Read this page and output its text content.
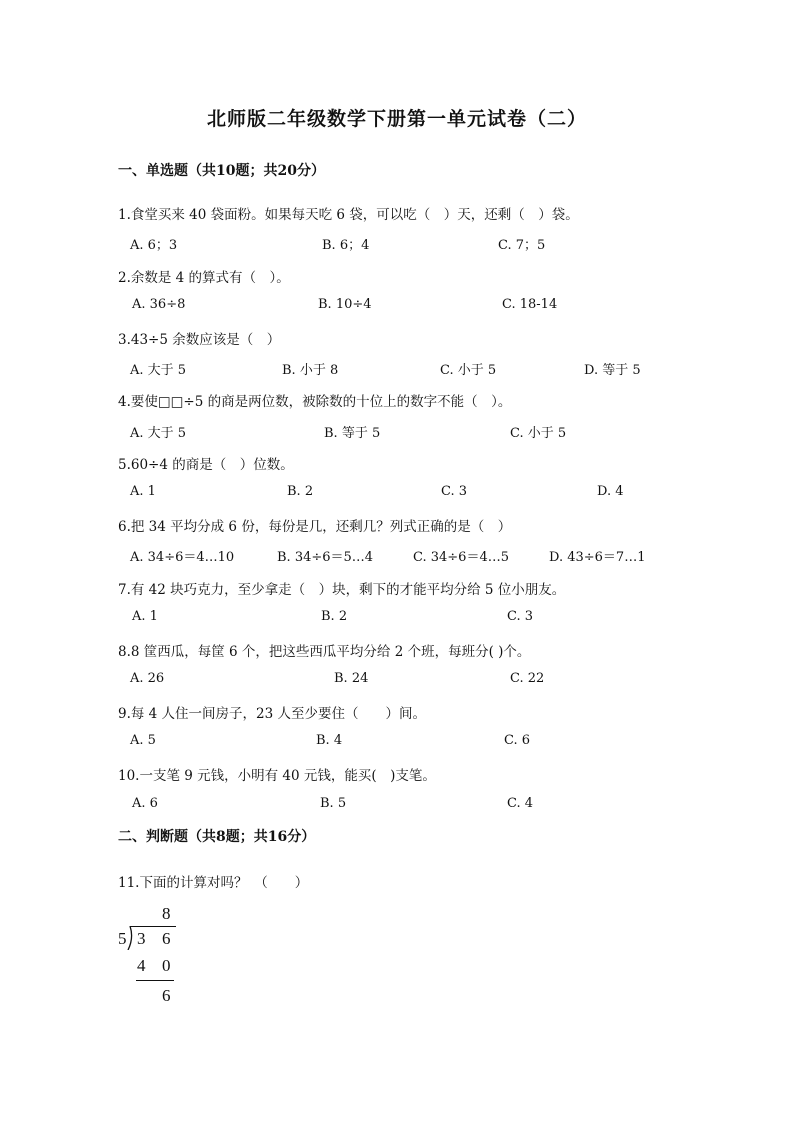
北师版二年级数学下册第一单元试卷（二）
一、单选题（共10题；共20分）
1.食堂买来 40 袋面粉。如果每天吃 6 袋，可以吃（　）天，还剩（　）袋。
A. 6；3	B. 6；4	C. 7；5
2.余数是 4 的算式有（　）。
A. 36÷8	B. 10÷4	C. 18-14
3.43÷5 余数应该是（　）
A. 大于 5	B. 小于 8	C. 小于 5	D. 等于 5
4.要使□□÷5 的商是两位数，被除数的十位上的数字不能（　）。
A. 大于 5	B. 等于 5	C. 小于 5
5.60÷4 的商是（　）位数。
A. 1	B. 2	C. 3	D. 4
6.把 34 平均分成 6 份，每份是几，还剩几？列式正确的是（　）
A. 34÷6＝4…10	B. 34÷6＝5…4	C. 34÷6＝4…5	D. 43÷6＝7…1
7.有 42 块巧克力，至少拿走（　）块，剩下的才能平均分给 5 位小朋友。
A. 1	B. 2	C. 3
8.8 筐西瓜，每筐 6 个，把这些西瓜平均分给 2 个班，每班分( )个。
A. 26	B. 24	C. 22
9.每 4 人住一间房子，23 人至少要住（　　）间。
A. 5	B. 4	C. 6
10.一支笔 9 元钱，小明有 40 元钱，能买(　)支笔。
A. 6	B. 5	C. 4
二、判断题（共8题；共16分）
11.下面的计算对吗？　（　　）
8
5 3 6
4 0
6
